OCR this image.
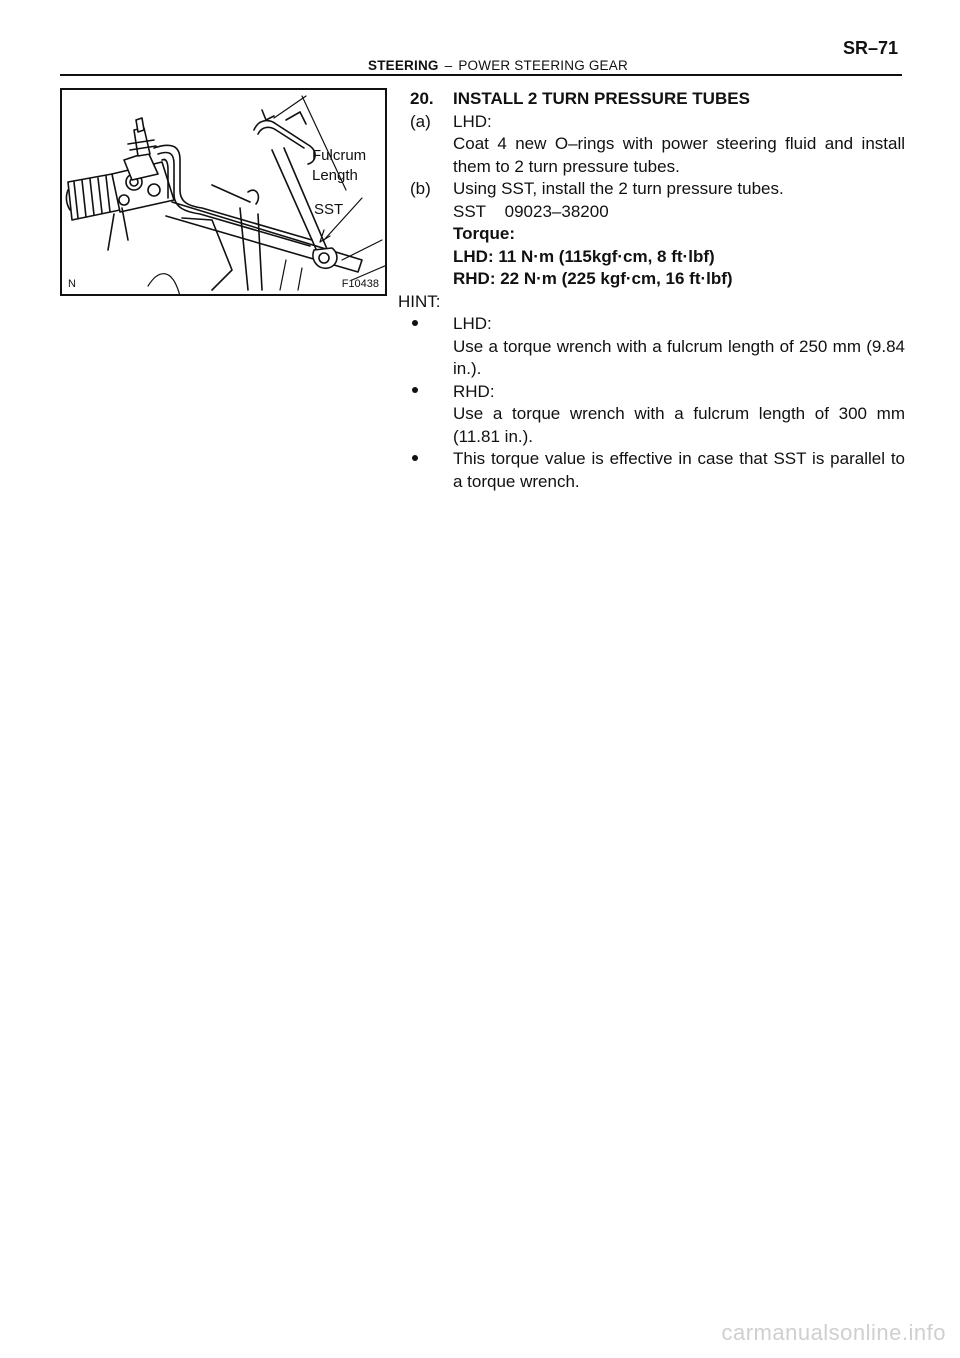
SR–71
STEERING – POWER STEERING GEAR
Fulcrum
Length
SST
N	F10438
20.	INSTALL 2 TURN PRESSURE TUBES
(a)	LHD:
Coat 4 new O–rings with power steering fluid and install them to 2 turn pressure tubes.
(b)	Using SST, install the 2 turn pressure tubes.
SST    09023–38200
Torque:
LHD: 11 N·m (115kgf·cm, 8 ft·lbf)
RHD: 22 N·m (225 kgf·cm, 16 ft·lbf)
HINT:
LHD:
Use a torque wrench with a fulcrum length of 250 mm (9.84 in.).
RHD:
Use a torque wrench with a fulcrum length of 300 mm (11.81 in.).
This torque value is effective in case that SST is parallel to a torque wrench.
carmanualsonline.info
